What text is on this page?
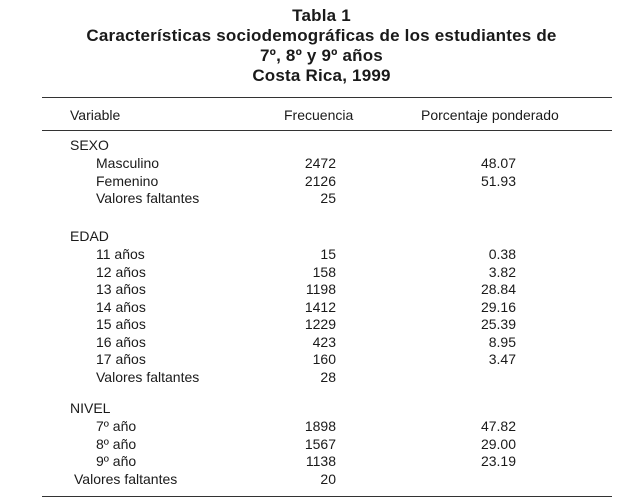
Tabla 1
Características sociodemográficas de los estudiantes de
7º, 8º y 9º años
Costa Rica, 1999
Variable	Frecuencia	Porcentaje ponderado
SEXO
Masculino	2472	48.07
Femenino	2126	51.93
Valores faltantes	25
EDAD
11 años	15	0.38
12 años	158	3.82
13 años	1198	28.84
14 años	1412	29.16
15 años	1229	25.39
16 años	423	8.95
17 años	160	3.47
Valores faltantes	28
NIVEL
7º año	1898	47.82
8º año	1567	29.00
9º año	1138	23.19
Valores faltantes	20
